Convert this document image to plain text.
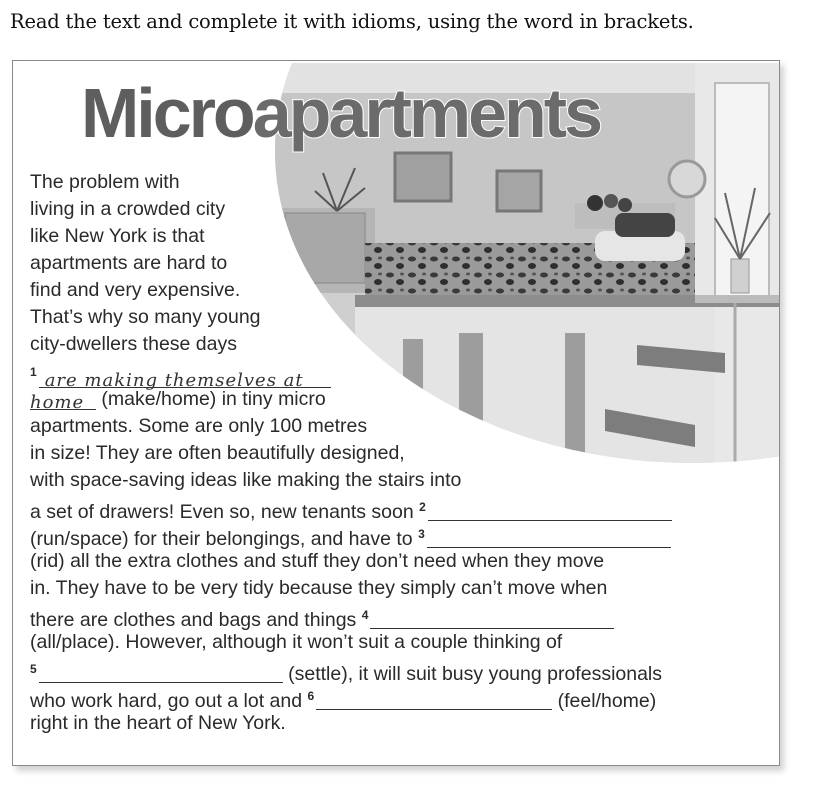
Read the text and complete it with idioms, using the word in brackets.
Microapartments
The problem with
living in a crowded city
like New York is that
apartments are hard to
find and very expensive.
That’s why so many young
city-dwellers these days
$^1$ are making themselves at
home (make/home) in tiny micro
apartments. Some are only 100 metres
in size! They are often beautifully designed,
with space-saving ideas like making the stairs into
a set of drawers! Even so, new tenants soon $^2$
(run/space) for their belongings, and have to $^3$
(rid) all the extra clothes and stuff they don’t need when they move
in. They have to be very tidy because they simply can’t move when
there are clothes and bags and things $^4$
(all/place). However, although it won’t suit a couple thinking of
$^5$	(settle), it will suit busy young professionals
who work hard, go out a lot and $^6$	(feel/home)
right in the heart of New York.
